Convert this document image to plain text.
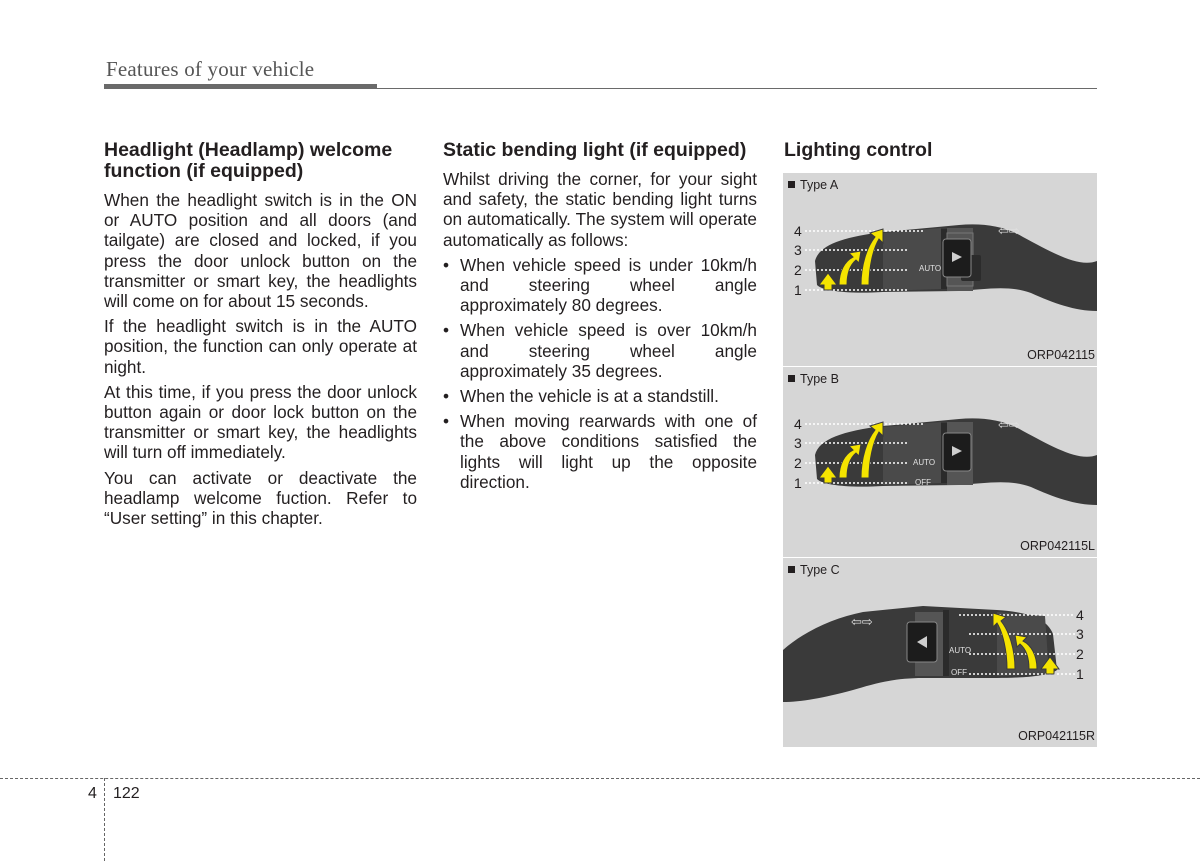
Features of your vehicle
Headlight (Headlamp) welcome function (if equipped)

When the headlight switch is in the ON or AUTO position and all doors (and tailgate) are closed and locked, if you press the door unlock button on the transmitter or smart key, the headlights will come on for about 15 seconds.

If the headlight switch is in the AUTO position, the function can only operate at night.

At this time, if you press the door unlock button again or door lock button on the transmitter or smart key, the headlights will turn off immediately.

You can activate or deactivate the headlamp welcome fuction. Refer to “User setting” in this chapter.

Static bending light (if equipped)

Whilst driving the corner, for your sight and safety, the static bending light turns on automatically. The system will operate automatically as follows:

• When vehicle speed is under 10km/h and steering wheel angle approximately 80 degrees.
• When vehicle speed is over 10km/h and steering wheel angle approximately 35 degrees.
• When the vehicle is at a standstill.
• When moving rearwards with one of the above conditions satisfied the lights will light up the opposite direction.
Lighting control
Type A
AUTO
⇦⇨
4
3
2
1
ORP042115
Type B
AUTO
OFF
⇦⇨
4
3
2
1
ORP042115L
Type C
AUTO
OFF
⇦⇨	4
3
2
1
ORP042115R
4 122
